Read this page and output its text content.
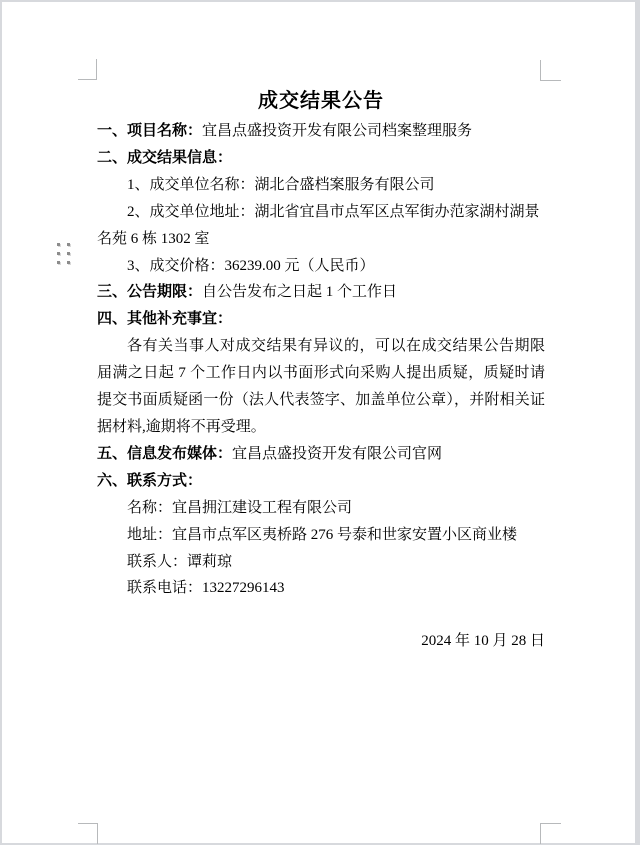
成交结果公告

一、项目名称：宜昌点盛投资开发有限公司档案整理服务

二、成交结果信息：

1、成交单位名称：湖北合盛档案服务有限公司

2、成交单位地址：湖北省宜昌市点军区点军街办范家湖村湖景名苑 6 栋 1302 室

3、成交价格：36239.00 元（人民币）

三、公告期限：自公告发布之日起 1 个工作日

四、其他补充事宜：

各有关当事人对成交结果有异议的，可以在成交结果公告期限届满之日起 7 个工作日内以书面形式向采购人提出质疑，质疑时请提交书面质疑函一份（法人代表签字、加盖单位公章），并附相关证据材料,逾期将不再受理。

五、信息发布媒体：宜昌点盛投资开发有限公司官网

六、联系方式：

名称：宜昌拥江建设工程有限公司

地址：宜昌市点军区夷桥路 276 号泰和世家安置小区商业楼

联系人：谭莉琼

联系电话：13227296143

2024 年 10 月 28 日
